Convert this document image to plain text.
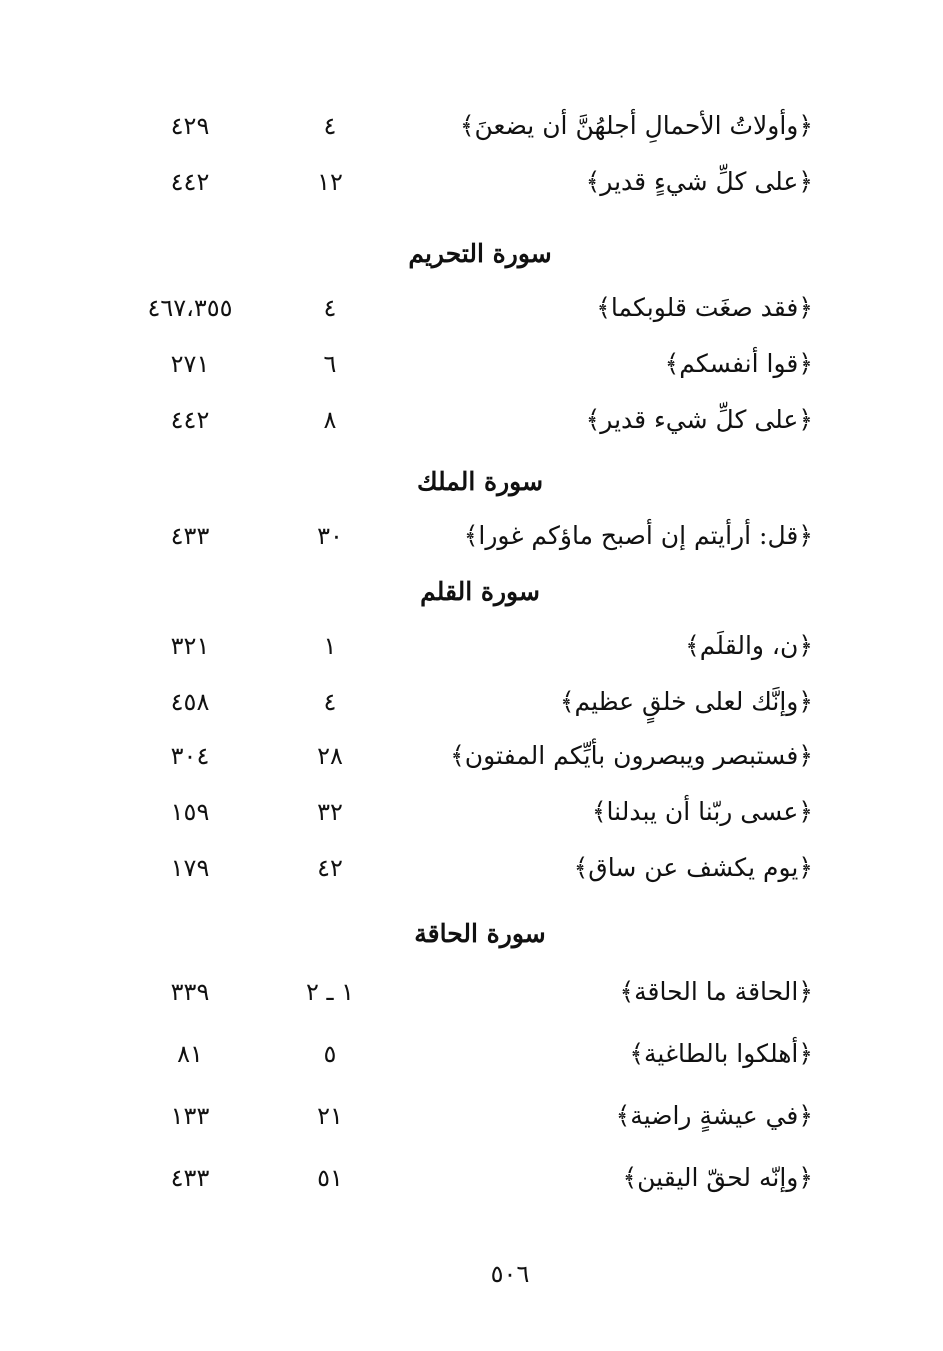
﴿وأولاتُ الأحمالِ أجلهُنَّ أن يضعنَ﴾
٤
٤٢٩
﴿على كلِّ شيءٍ قدير﴾
١٢
٤٤٢
سورة التحريم
﴿فقد صغَت قلوبكما﴾
٤
٤٦٧،٣٥٥
﴿قوا أنفسكم﴾
٦
٢٧١
﴿على كلِّ شيء قدير﴾
٨
٤٤٢
سورة الملك
﴿قل: أرأيتم إن أصبح ماؤكم غورا﴾
٣٠
٤٣٣
سورة القلم
﴿ن، والقلَم﴾
١
٣٢١
﴿وإنَّك لعلى خلقٍ عظيم﴾
٤
٤٥٨
﴿فستبصر ويبصرون بأيِّكم المفتون﴾
٢٨
٣٠٤
﴿عسى ربّنا أن يبدلنا﴾
٣٢
١٥٩
﴿يوم يكشف عن ساق﴾
٤٢
١٧٩
سورة الحاقة
﴿الحاقة ما الحاقة﴾
١ ـ ٢
٣٣٩
﴿أهلكوا بالطاغية﴾
٥
٨١
﴿في عيشةٍ راضية﴾
٢١
١٣٣
﴿وإنّه لحقّ اليقين﴾
٥١
٤٣٣
٥٠٦
